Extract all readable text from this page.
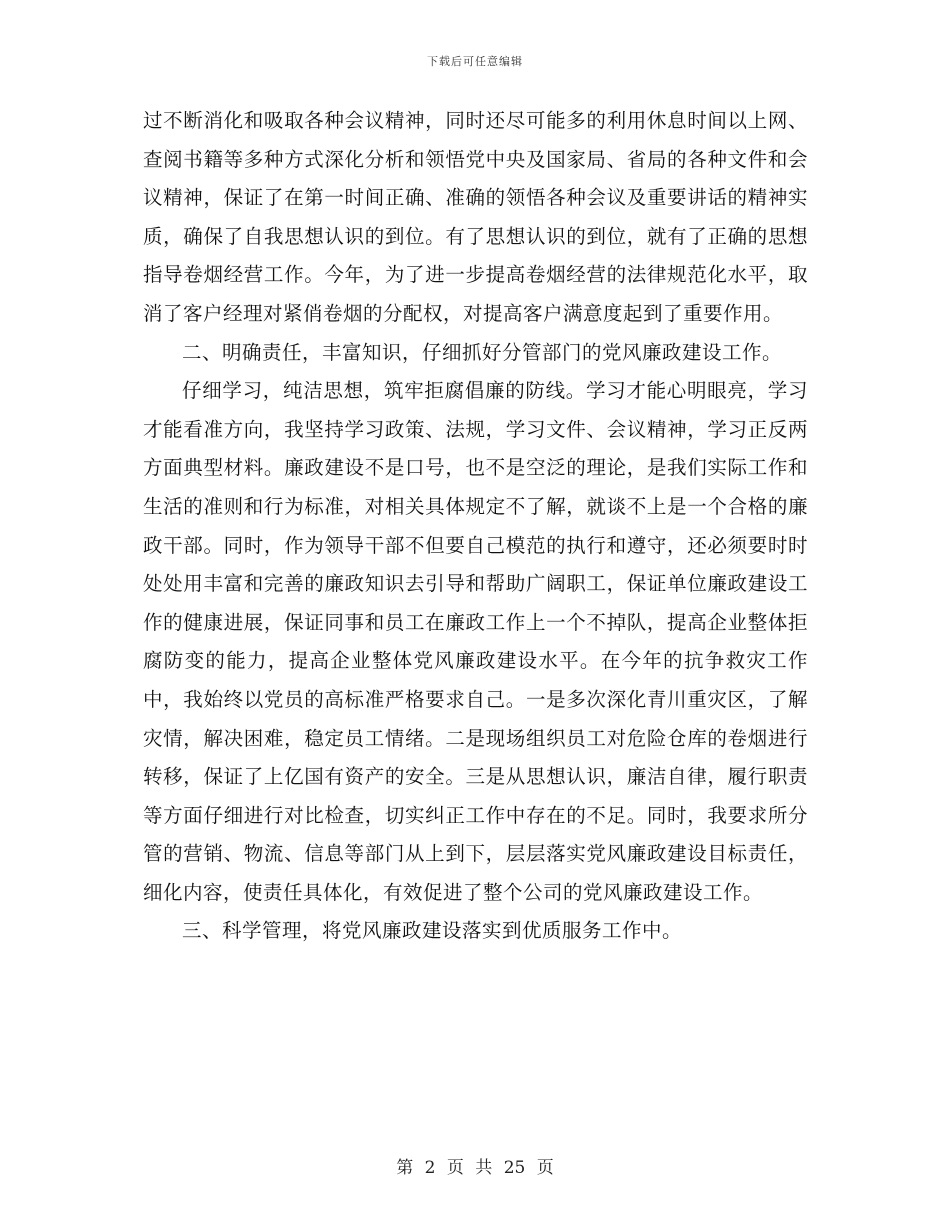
下载后可任意编辑

过不断消化和吸取各种会议精神，同时还尽可能多的利用休息时间以上网、查阅书籍等多种方式深化分析和领悟党中央及国家局、省局的各种文件和会议精神，保证了在第一时间正确、准确的领悟各种会议及重要讲话的精神实质，确保了自我思想认识的到位。有了思想认识的到位，就有了正确的思想指导卷烟经营工作。今年，为了进一步提高卷烟经营的法律规范化水平，取消了客户经理对紧俏卷烟的分配权，对提高客户满意度起到了重要作用。

二、明确责任，丰富知识，仔细抓好分管部门的党风廉政建设工作。

仔细学习，纯洁思想，筑牢拒腐倡廉的防线。学习才能心明眼亮，学习才能看准方向，我坚持学习政策、法规，学习文件、会议精神，学习正反两方面典型材料。廉政建设不是口号，也不是空泛的理论，是我们实际工作和生活的准则和行为标准，对相关具体规定不了解，就谈不上是一个合格的廉政干部。同时，作为领导干部不但要自己模范的执行和遵守，还必须要时时处处用丰富和完善的廉政知识去引导和帮助广阔职工，保证单位廉政建设工作的健康进展，保证同事和员工在廉政工作上一个不掉队，提高企业整体拒腐防变的能力，提高企业整体党风廉政建设水平。在今年的抗争救灾工作中，我始终以党员的高标准严格要求自己。一是多次深化青川重灾区，了解灾情，解决困难，稳定员工情绪。二是现场组织员工对危险仓库的卷烟进行转移，保证了上亿国有资产的安全。三是从思想认识，廉洁自律，履行职责等方面仔细进行对比检查，切实纠正工作中存在的不足。同时，我要求所分管的营销、物流、信息等部门从上到下，层层落实党风廉政建设目标责任，细化内容，使责任具体化，有效促进了整个公司的党风廉政建设工作。

三、科学管理，将党风廉政建设落实到优质服务工作中。

第 2 页 共 25 页
